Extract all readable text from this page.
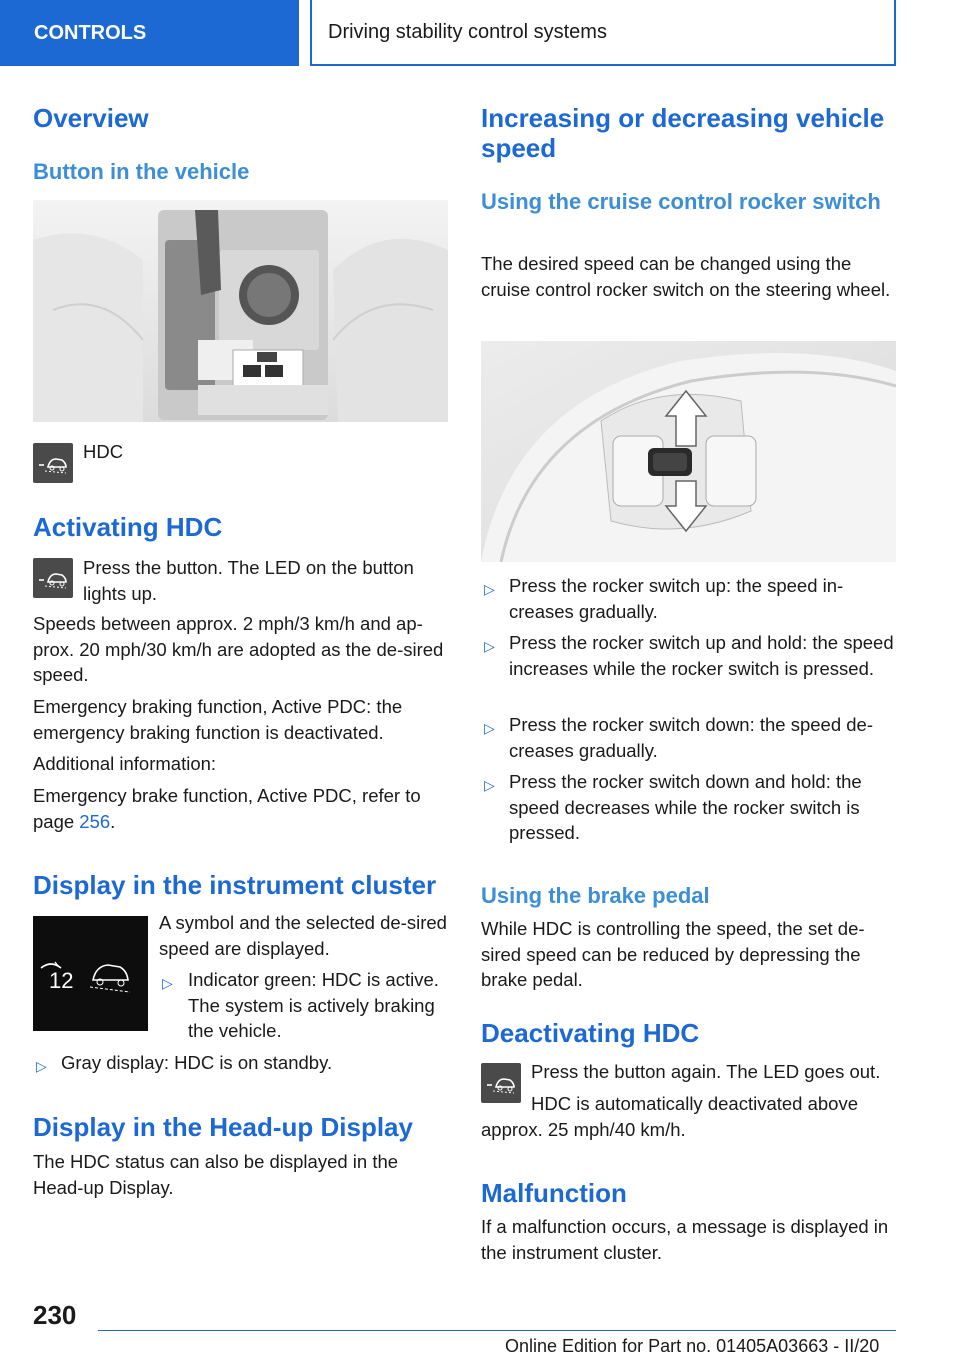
CONTROLS	Driving stability control systems
Overview
Button in the vehicle

HDC

Activating HDC

Press the button. The LED on the button lights up.

Speeds between approx. 2 mph/3 km/h and ap‐prox. 20 mph/30 km/h are adopted as the de‐sired speed.

Emergency braking function, Active PDC: the emergency braking function is deactivated.

Additional information:

Emergency brake function, Active PDC, refer to page 256.

Display in the instrument cluster
12

A symbol and the selected de‐sired speed are displayed.

▷ Indicator green: HDC is active. The system is actively braking the vehicle.

▷ Gray display: HDC is on standby.

Display in the Head-up Display

The HDC status can also be displayed in the Head-up Display.

Increasing or decreasing vehicle speed
Using the cruise control rocker switch

The desired speed can be changed using the cruise control rocker switch on the steering wheel.

▷ Press the rocker switch up: the speed in‐creases gradually.

▷ Press the rocker switch up and hold: the speed increases while the rocker switch is pressed.

▷ Press the rocker switch down: the speed de‐creases gradually.

▷ Press the rocker switch down and hold: the speed decreases while the rocker switch is pressed.

Using the brake pedal

While HDC is controlling the speed, the set de‐sired speed can be reduced by depressing the brake pedal.

Deactivating HDC

Press the button again. The LED goes out.

HDC is automatically deactivated above approx. 25 mph/40 km/h.

Malfunction

If a malfunction occurs, a message is displayed in the instrument cluster.

230
Online Edition for Part no. 01405A03663 - II/20
